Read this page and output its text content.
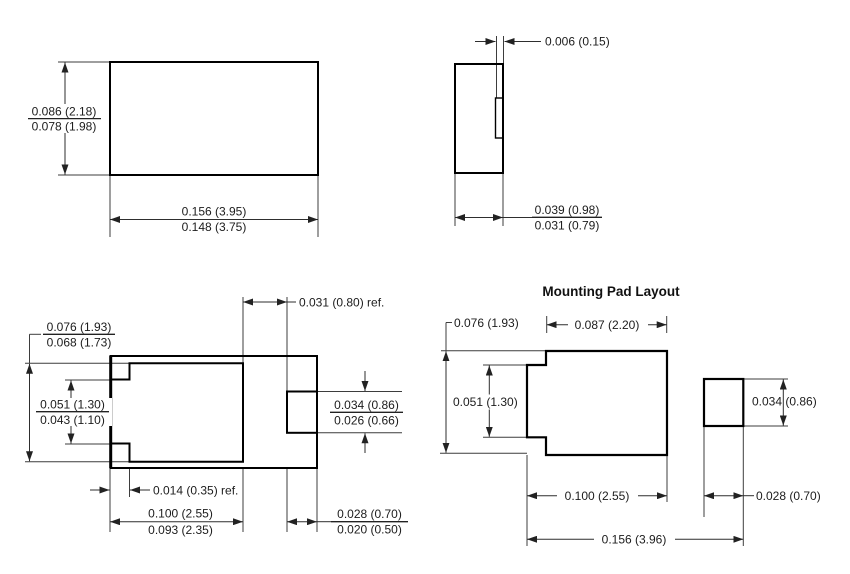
0.086 (2.18)
0.078 (1.98)
0.156 (3.95)
0.148 (3.75)
0.006 (0.15)
0.039 (0.98)
0.031 (0.79)
0.031 (0.80) ref.
0.076 (1.93)
0.068 (1.73)
0.051 (1.30)
0.043 (1.10)
0.034 (0.86)
0.026 (0.66)
0.014 (0.35) ref.
0.100 (2.55)
0.093 (2.35)
0.028 (0.70)
0.020 (0.50)
Mounting Pad Layout
0.076 (1.93)	0.087 (2.20)
0.051 (1.30)
0.100 (2.55)
0.156 (3.96)
0.034 (0.86)
0.028 (0.70)
